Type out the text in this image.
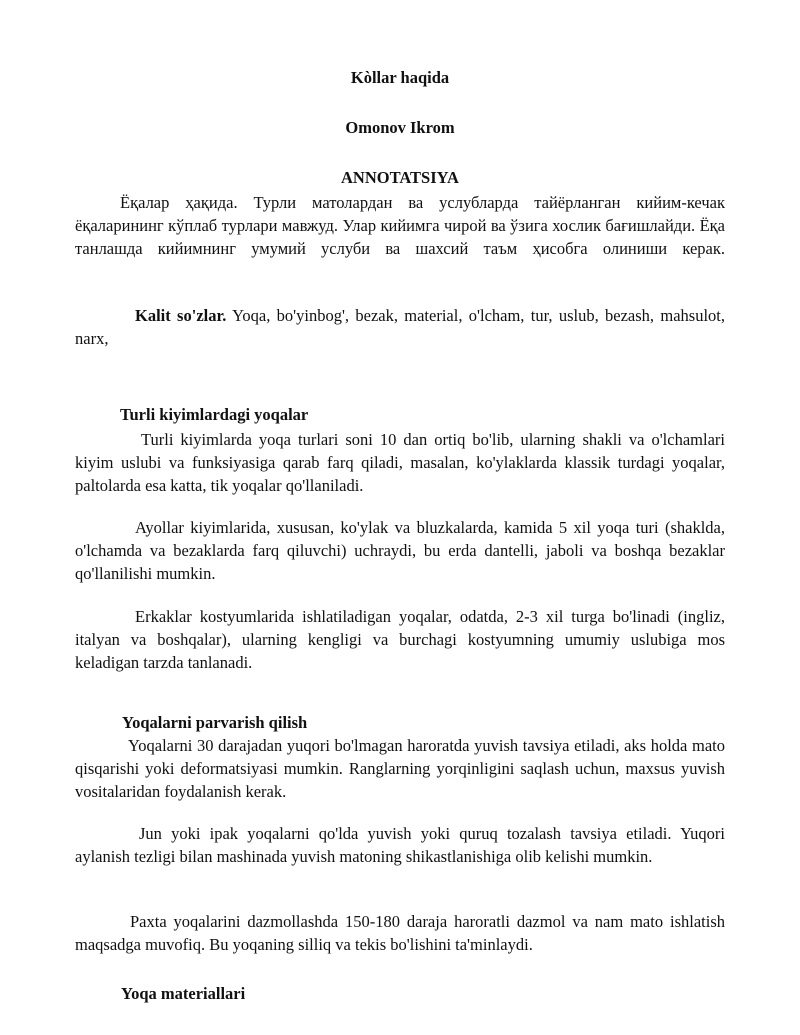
Kòllar haqida
Omonov Ikrom
ANNOTATSIYA

Ёқалар ҳақида. Турли матолардан ва услубларда тайёрланган кийим-кечак ёқаларининг кўплаб турлари мавжуд. Улар кийимга чирой ва ўзига хослик бағишлайди. Ёқа танлашда кийимнинг умумий услуби ва шахсий таъм ҳисобга олиниши керак.

Kalit so'zlar. Yoqa, bo'yinbog', bezak, material, o'lcham, tur, uslub, bezash, mahsulot, narx,

Turli kiyimlardagi yoqalar

Turli kiyimlarda yoqa turlari soni 10 dan ortiq bo'lib, ularning shakli va o'lchamlari kiyim uslubi va funksiyasiga qarab farq qiladi, masalan, ko'ylaklarda klassik turdagi yoqalar, paltolarda esa katta, tik yoqalar qo'llaniladi.

Ayollar kiyimlarida, xususan, ko'ylak va bluzkalarda, kamida 5 xil yoqa turi (shaklda, o'lchamda va bezaklarda farq qiluvchi) uchraydi, bu erda dantelli, jaboli va boshqa bezaklar qo'llanilishi mumkin.

Erkaklar kostyumlarida ishlatiladigan yoqalar, odatda, 2-3 xil turga bo'linadi (ingliz, italyan va boshqalar), ularning kengligi va burchagi kostyumning umumiy uslubiga mos keladigan tarzda tanlanadi.

Yoqalarni parvarish qilish

Yoqalarni 30 darajadan yuqori bo'lmagan haroratda yuvish tavsiya etiladi, aks holda mato qisqarishi yoki deformatsiyasi mumkin. Ranglarning yorqinligini saqlash uchun, maxsus yuvish vositalaridan foydalanish kerak.

Jun yoki ipak yoqalarni qo'lda yuvish yoki quruq tozalash tavsiya etiladi. Yuqori aylanish tezligi bilan mashinada yuvish matoning shikastlanishiga olib kelishi mumkin.

Paxta yoqalarini dazmollashda 150-180 daraja haroratli dazmol va nam mato ishlatish maqsadga muvofiq. Bu yoqaning silliq va tekis bo'lishini ta'minlaydi.

Yoqa materiallari
